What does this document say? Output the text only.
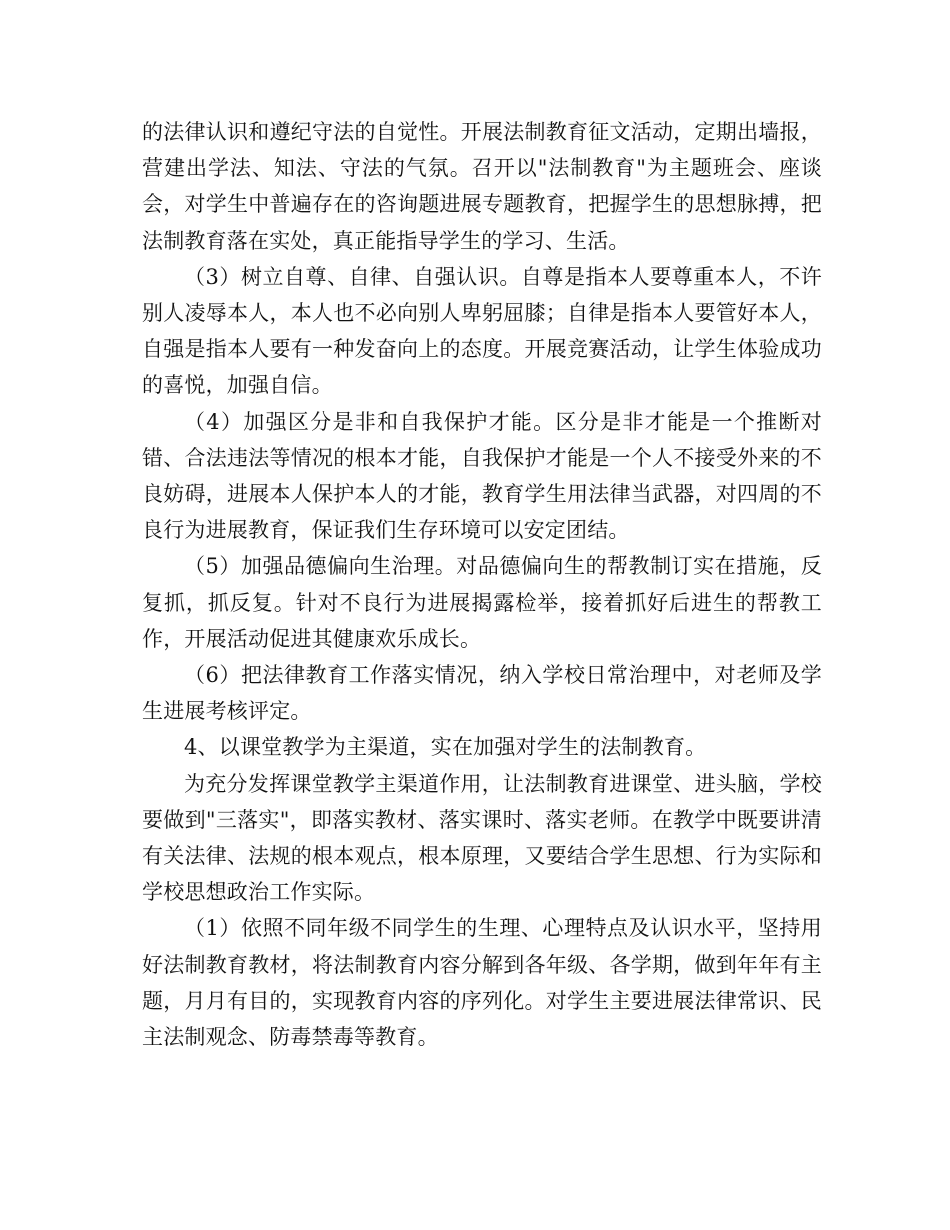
的法律认识和遵纪守法的自觉性。开展法制教育征文活动，定期出墙报，营建出学法、知法、守法的气氛。召开以"法制教育"为主题班会、座谈会，对学生中普遍存在的咨询题进展专题教育，把握学生的思想脉搏，把法制教育落在实处，真正能指导学生的学习、生活。

（3）树立自尊、自律、自强认识。自尊是指本人要尊重本人，不许别人凌辱本人，本人也不必向别人卑躬屈膝；自律是指本人要管好本人，自强是指本人要有一种发奋向上的态度。开展竞赛活动，让学生体验成功的喜悦，加强自信。

（4）加强区分是非和自我保护才能。区分是非才能是一个推断对错、合法违法等情况的根本才能，自我保护才能是一个人不接受外来的不良妨碍，进展本人保护本人的才能，教育学生用法律当武器，对四周的不良行为进展教育，保证我们生存环境可以安定团结。

（5）加强品德偏向生治理。对品德偏向生的帮教制订实在措施，反复抓，抓反复。针对不良行为进展揭露检举，接着抓好后进生的帮教工作，开展活动促进其健康欢乐成长。

（6）把法律教育工作落实情况，纳入学校日常治理中，对老师及学生进展考核评定。

4、以课堂教学为主渠道，实在加强对学生的法制教育。

为充分发挥课堂教学主渠道作用，让法制教育进课堂、进头脑，学校要做到"三落实"，即落实教材、落实课时、落实老师。在教学中既要讲清有关法律、法规的根本观点，根本原理，又要结合学生思想、行为实际和学校思想政治工作实际。

（1）依照不同年级不同学生的生理、心理特点及认识水平，坚持用好法制教育教材，将法制教育内容分解到各年级、各学期，做到年年有主题，月月有目的，实现教育内容的序列化。对学生主要进展法律常识、民主法制观念、防毒禁毒等教育。
